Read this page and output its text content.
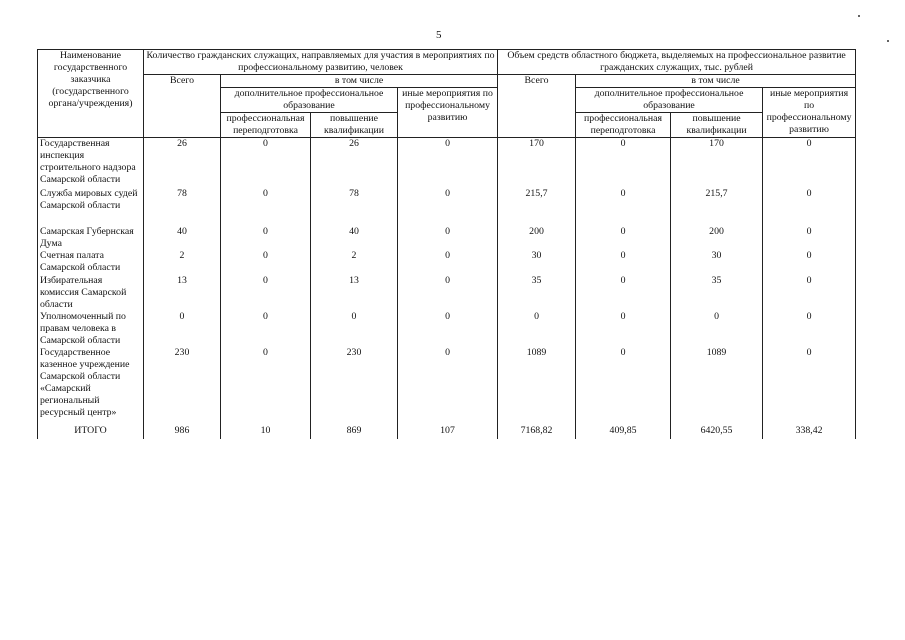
5
Наименование государственного заказчика (государственного органа/учреждения)	Количество гражданских служащих, направляемых для участия в мероприятиях по профессиональному развитию, человек				Объем средств областного бюджета, выделяемых на профессиональное развитие гражданских служащих, тыс. рублей			
	Всего	в том числе			Всего	в том числе		
		дополнительное профессиональное образование		иные мероприятия по профессиональному развитию		дополнительное профессиональное образование		иные мероприятия по профессиональному развитию
		профессиональная переподготовка	повышение квалификации			профессиональная переподготовка	повышение квалификации	
Государственная инспекция строительного надзора Самарской области	26	0	26	0	170	0	170	0
Служба мировых судей Самарской области	78	0	78	0	215,7	0	215,7	0
Самарская Губернская Дума	40	0	40	0	200	0	200	0
Счетная палата Самарской области	2	0	2	0	30	0	30	0
Избирательная комиссия Самарской области	13	0	13	0	35	0	35	0
Уполномоченный по правам человека в Самарской области	0	0	0	0	0	0	0	0
Государственное казенное учреждение Самарской области «Самарский региональный ресурсный центр»	230	0	230	0	1089	0	1089	0
ИТОГО	986	10	869	107	7168,82	409,85	6420,55	338,42
